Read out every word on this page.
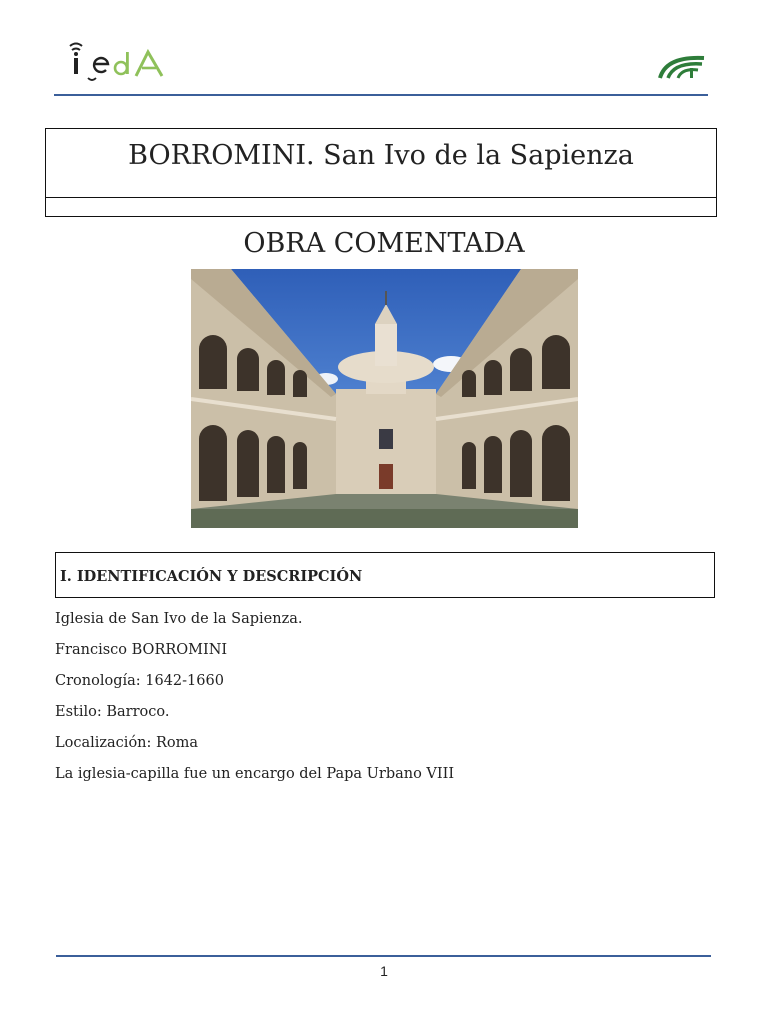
BORROMINI. San Ivo de la Sapienza
OBRA COMENTADA
I. IDENTIFICACIÓN Y DESCRIPCIÓN
Iglesia de San Ivo de la Sapienza.
Francisco BORROMINI
Cronología: 1642-1660
Estilo: Barroco.
Localización: Roma
La iglesia-capilla fue un encargo del Papa Urbano VIII
1
